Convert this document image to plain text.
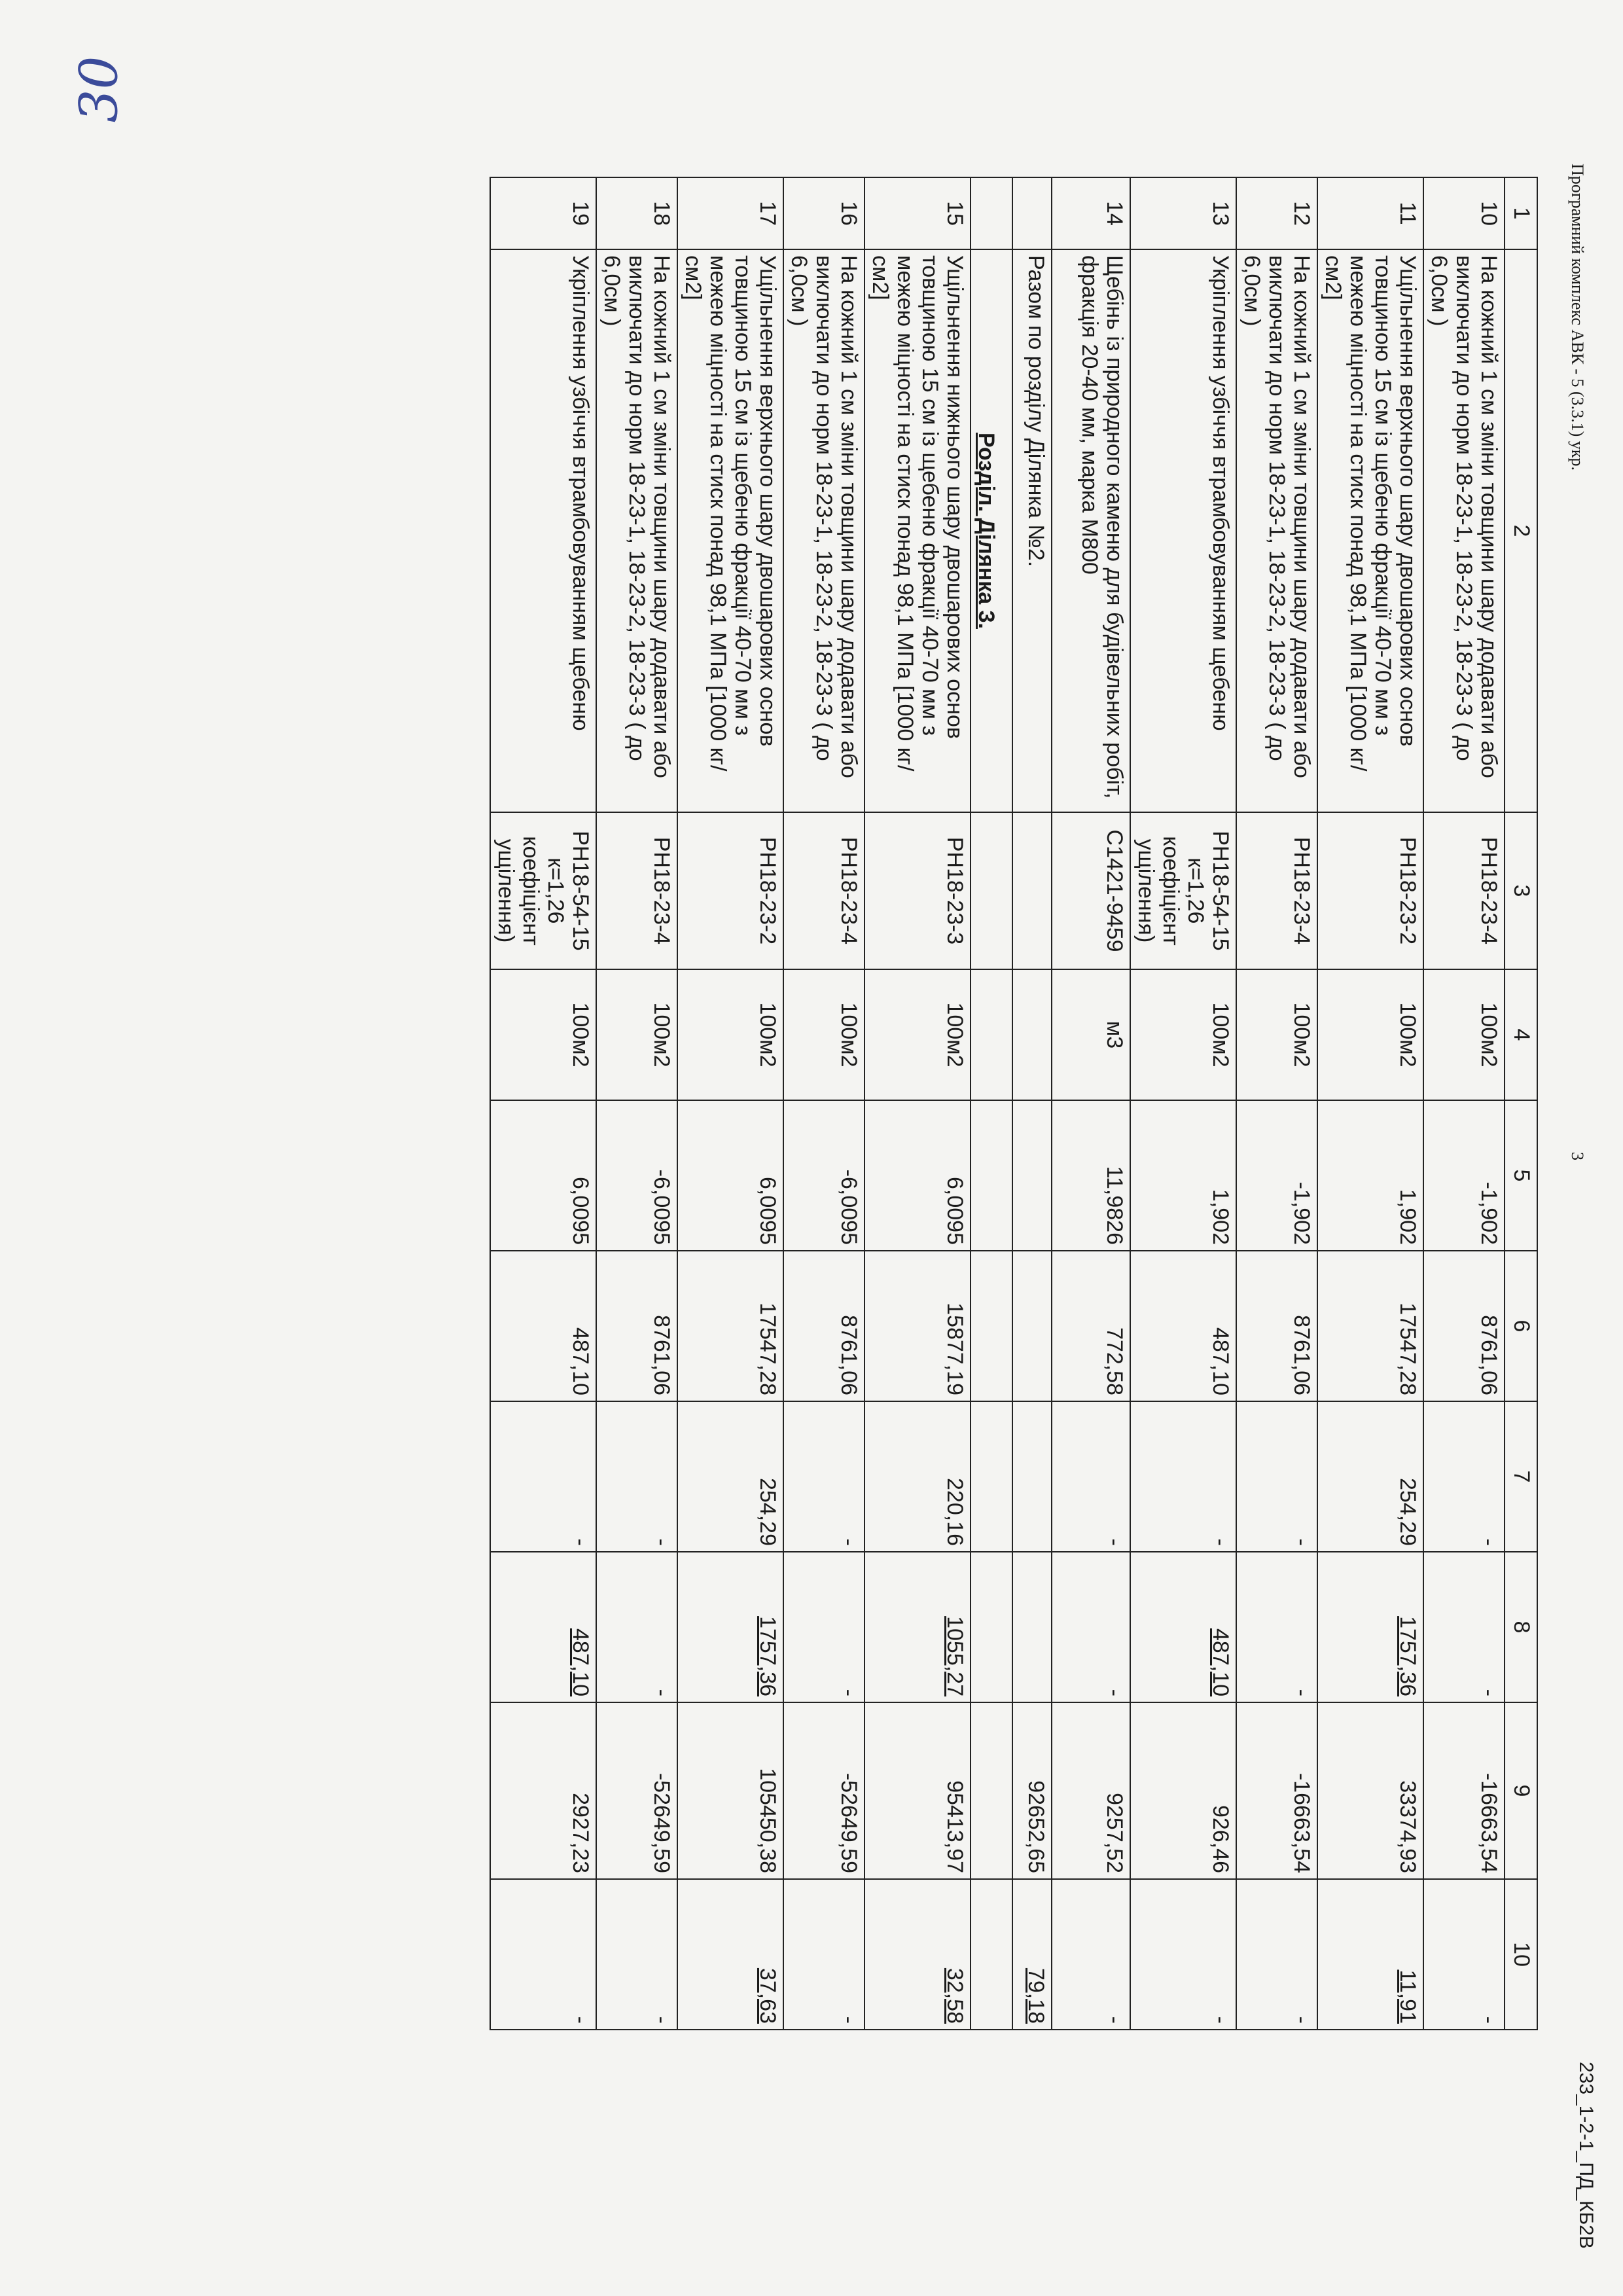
Програмний комплекс АВК - 5 (3.3.1) укр.
3
233_1-2-1_ПД_КБ2В
1	2	3	4	5	6	7	8	9	10
10	На кожний 1 см зміни товщини шару додавати або виключати до норм 18-23-1, 18-23-2, 18-23-3 ( до 6,0см )	РН18-23-4	100м2	-1,902	8761,06	-	-	-16663,54	-
11	Ущільнення верхнього шару двошарових основ товщиною 15 см із щебеню фракції 40-70 мм з межею міцності на стиск понад 98,1 МПа [1000 кг/см2]	РН18-23-2	100м2	1,902	17547,28	254,29	1757,36	33374,93	11,91
12	На кожний 1 см зміни товщини шару додавати або виключати до норм 18-23-1, 18-23-2, 18-23-3 ( до 6,0см )	РН18-23-4	100м2	-1,902	8761,06	-	-	-16663,54	-
13	Укріплення узбіччя втрамбовуванням щебеню	РН18-54-15 к=1,26 коефіцієнт ущілення)	100м2	1,902	487,10	-	487,10	926,46	-
14	Щебінь із природного каменю для будівельних робіт, фракція 20-40 мм, марка М800	С1421-9459	м3	11,9826	772,58	-	-	9257,52	-
	Разом по розділу Ділянка №2.							92652,65	79,18
	Розділ. Ділянка 3.								
15	Ущільнення нижнього шару двошарових основ товщиною 15 см із щебеню фракції 40-70 мм з межею міцності на стиск понад 98,1 МПа [1000 кг/см2]	РН18-23-3	100м2	6,0095	15877,19	220,16	1055,27	95413,97	32,58
16	На кожний 1 см зміни товщини шару додавати або виключати до норм 18-23-1, 18-23-2, 18-23-3 ( до 6,0см )	РН18-23-4	100м2	-6,0095	8761,06	-	-	-52649,59	-
17	Ущільнення верхнього шару двошарових основ товщиною 15 см із щебеню фракції 40-70 мм з межею міцності на стиск понад 98,1 МПа [1000 кг/см2]	РН18-23-2	100м2	6,0095	17547,28	254,29	1757,36	105450,38	37,63
18	На кожний 1 см зміни товщини шару додавати або виключати до норм 18-23-1, 18-23-2, 18-23-3 ( до 6,0см )	РН18-23-4	100м2	-6,0095	8761,06	-	-	-52649,59	-
19	Укріплення узбіччя втрамбовуванням щебеню	РН18-54-15 к=1,26 коефіцієнт ущілення)	100м2	6,0095	487,10	-	487,10	2927,23	-
30
